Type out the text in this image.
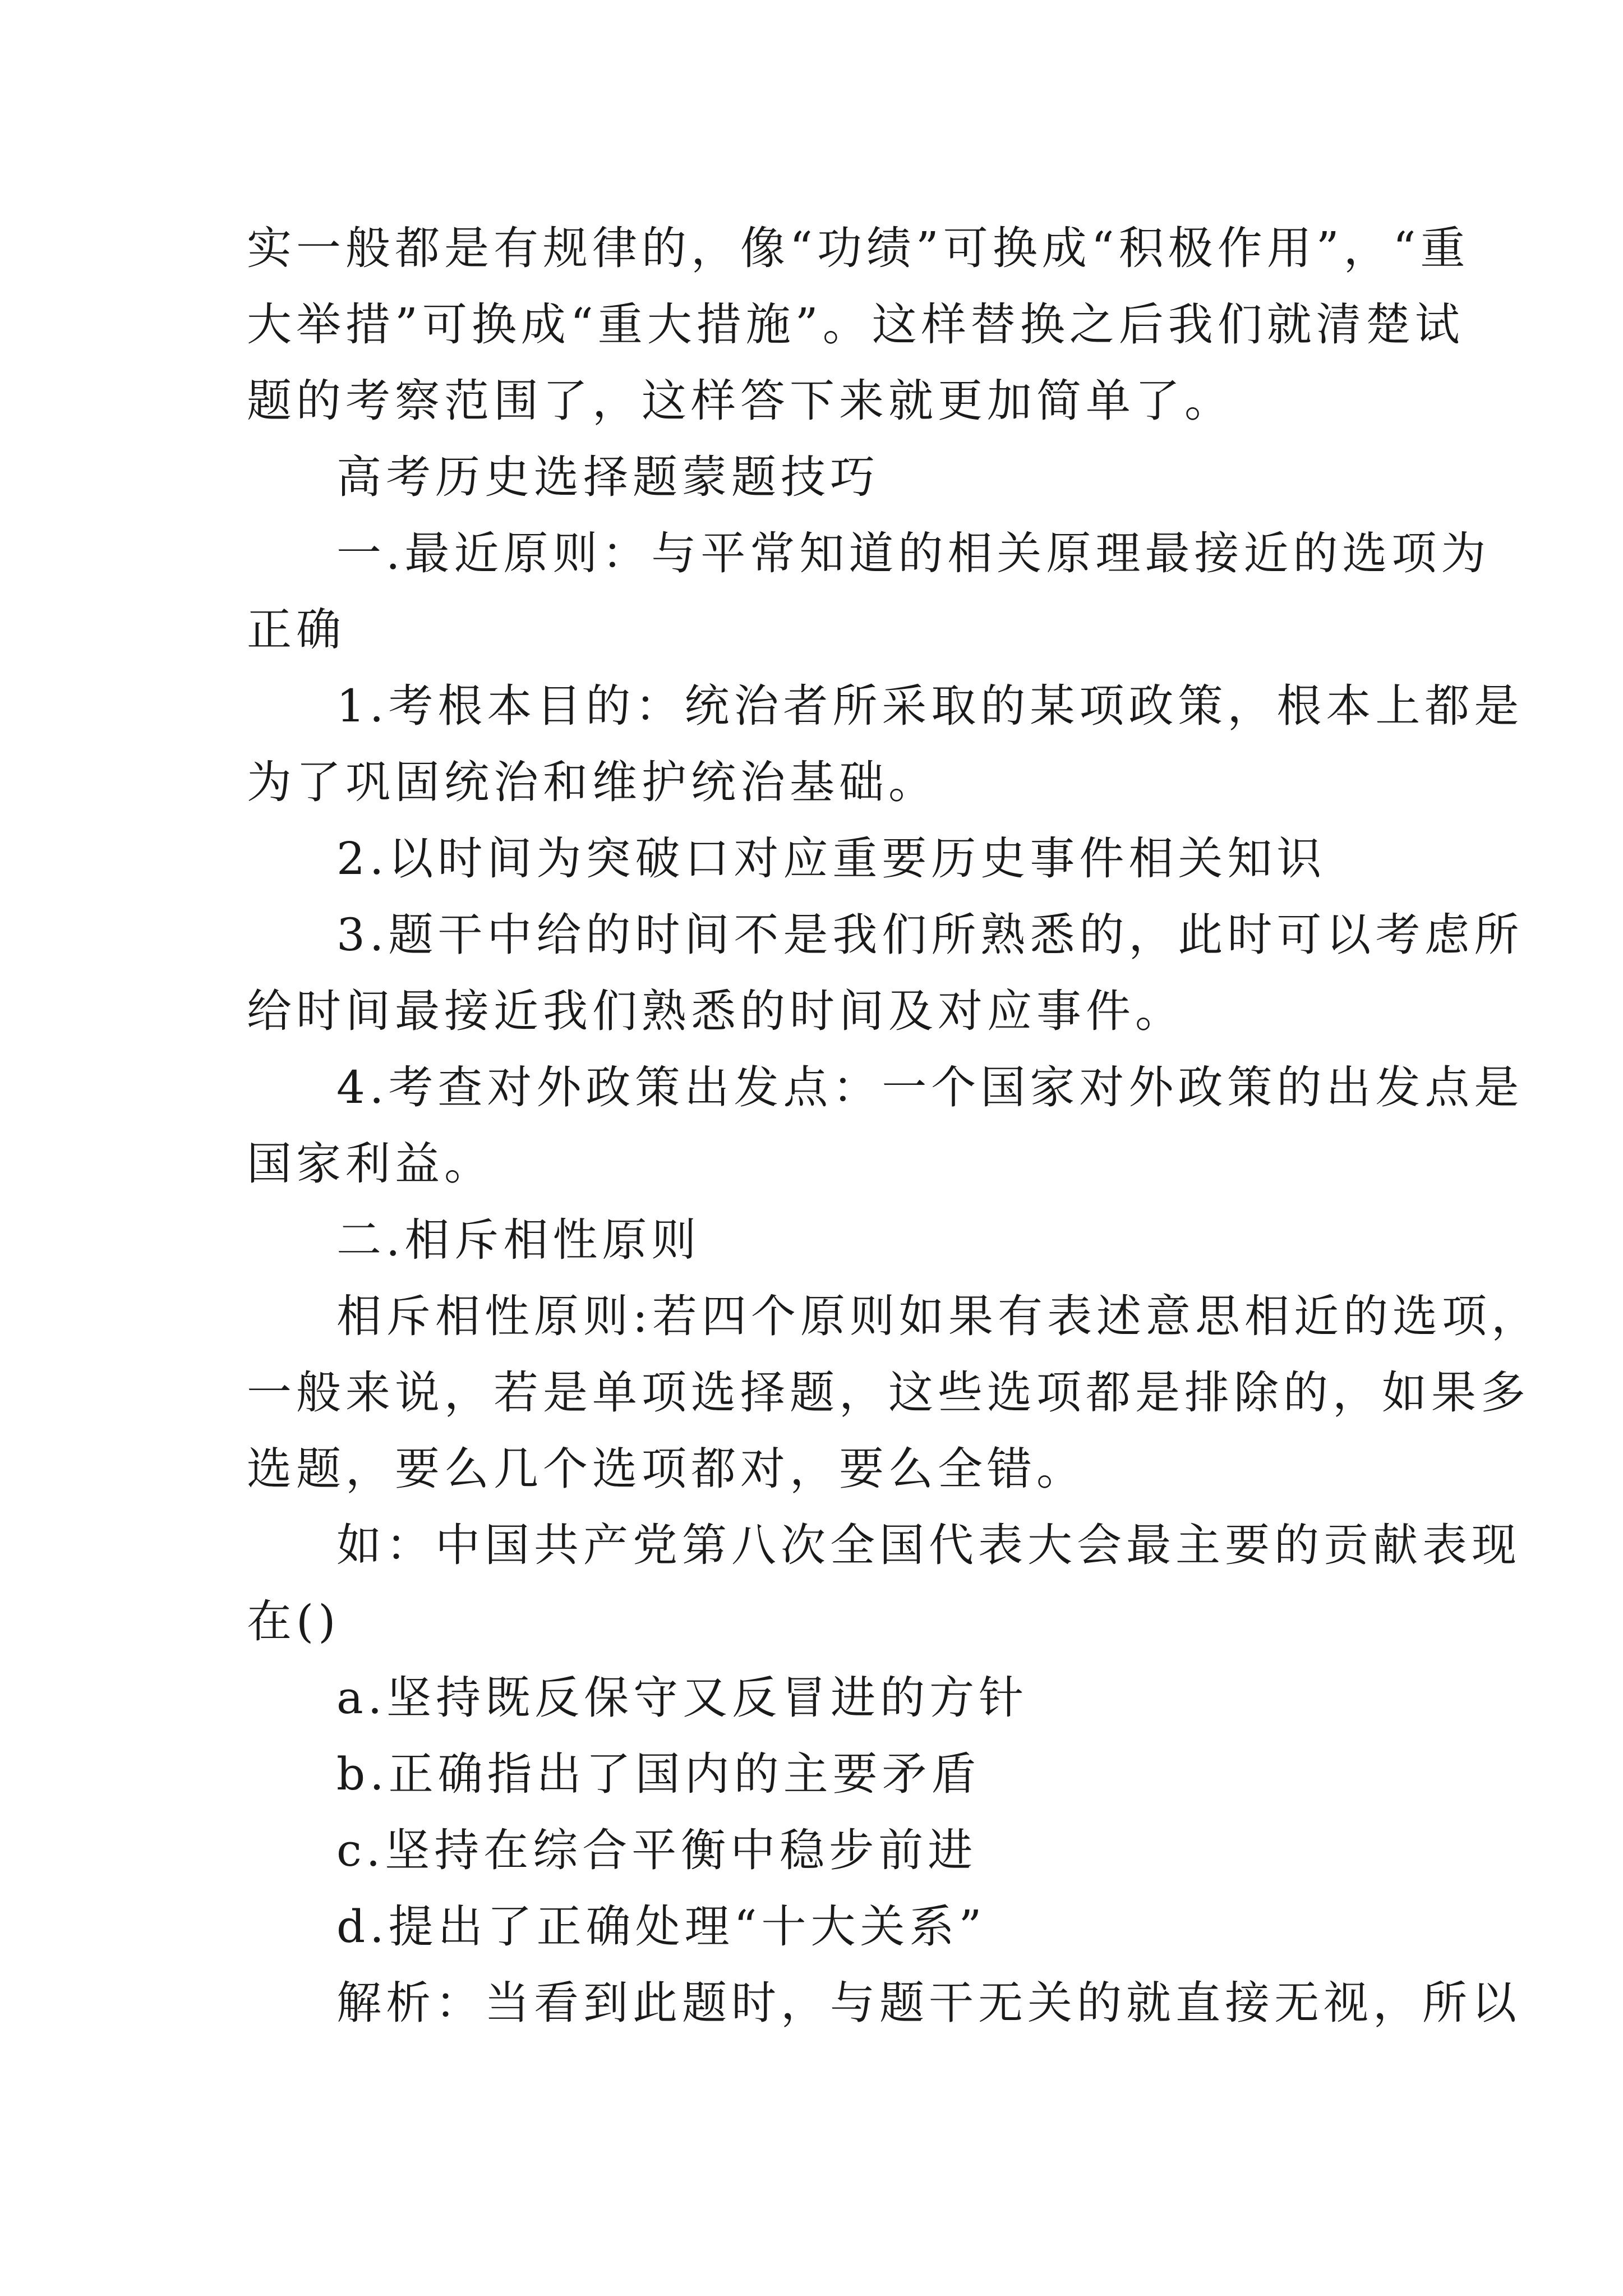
实一般都是有规律的，像“功绩”可换成“积极作用”，“重
大举措”可换成“重大措施”。这样替换之后我们就清楚试
题的考察范围了，这样答下来就更加简单了。
高考历史选择题蒙题技巧
一.最近原则：与平常知道的相关原理最接近的选项为
正确
1.考根本目的：统治者所采取的某项政策，根本上都是
为了巩固统治和维护统治基础。
2.以时间为突破口对应重要历史事件相关知识
3.题干中给的时间不是我们所熟悉的，此时可以考虑所
给时间最接近我们熟悉的时间及对应事件。
4.考查对外政策出发点：一个国家对外政策的出发点是
国家利益。
二.相斥相性原则
相斥相性原则:若四个原则如果有表述意思相近的选项，
一般来说，若是单项选择题，这些选项都是排除的，如果多
选题，要么几个选项都对，要么全错。
如：中国共产党第八次全国代表大会最主要的贡献表现
在()
a.坚持既反保守又反冒进的方针
b.正确指出了国内的主要矛盾
c.坚持在综合平衡中稳步前进
d.提出了正确处理“十大关系”
解析：当看到此题时，与题干无关的就直接无视，所以
